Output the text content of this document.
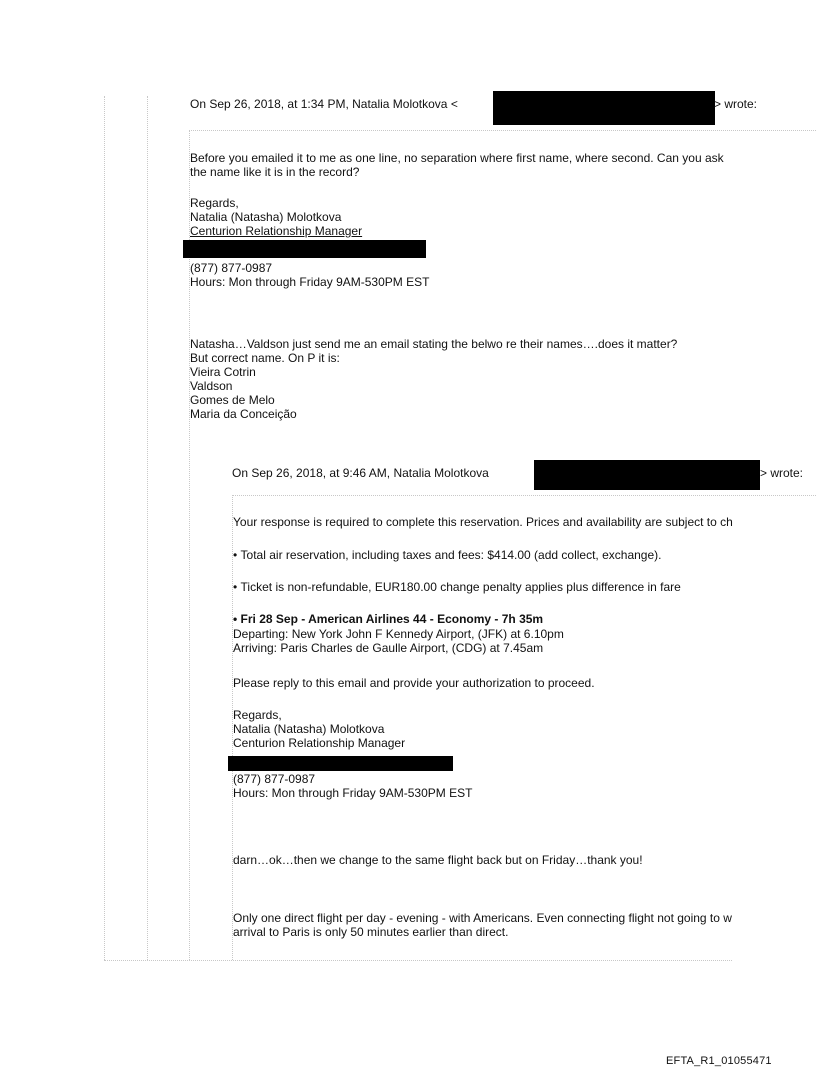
On Sep 26, 2018, at 1:34 PM, Natalia Molotkova <	> wrote:
Before you emailed it to me as one line, no separation where first name, where second. Can you ask
the name like it is in the record?
Regards,
Natalia (Natasha) Molotkova
Centurion Relationship Manager
(877) 877-0987
Hours: Mon through Friday 9AM-530PM EST
Natasha…Valdson just send me an email stating the belwo re their names….does it matter?
But correct name. On P it is:
Vieira Cotrin
Valdson
Gomes de Melo
Maria da Conceição
On Sep 26, 2018, at 9:46 AM, Natalia Molotkova	> wrote:
Your response is required to complete this reservation. Prices and availability are subject to ch
• Total air reservation, including taxes and fees: $414.00 (add collect, exchange).
• Ticket is non-refundable, EUR180.00 change penalty applies plus difference in fare
• Fri 28 Sep - American Airlines 44 - Economy - 7h 35m
Departing: New York John F Kennedy Airport, (JFK) at 6.10pm
Arriving: Paris Charles de Gaulle Airport, (CDG) at 7.45am
Please reply to this email and provide your authorization to proceed.
Regards,
Natalia (Natasha) Molotkova
Centurion Relationship Manager
(877) 877-0987
Hours: Mon through Friday 9AM-530PM EST
darn…ok…then we change to the same flight back but on Friday…thank you!
Only one direct flight per day - evening - with Americans. Even connecting flight not going to w
arrival to Paris is only 50 minutes earlier than direct.
EFTA_R1_01055471
